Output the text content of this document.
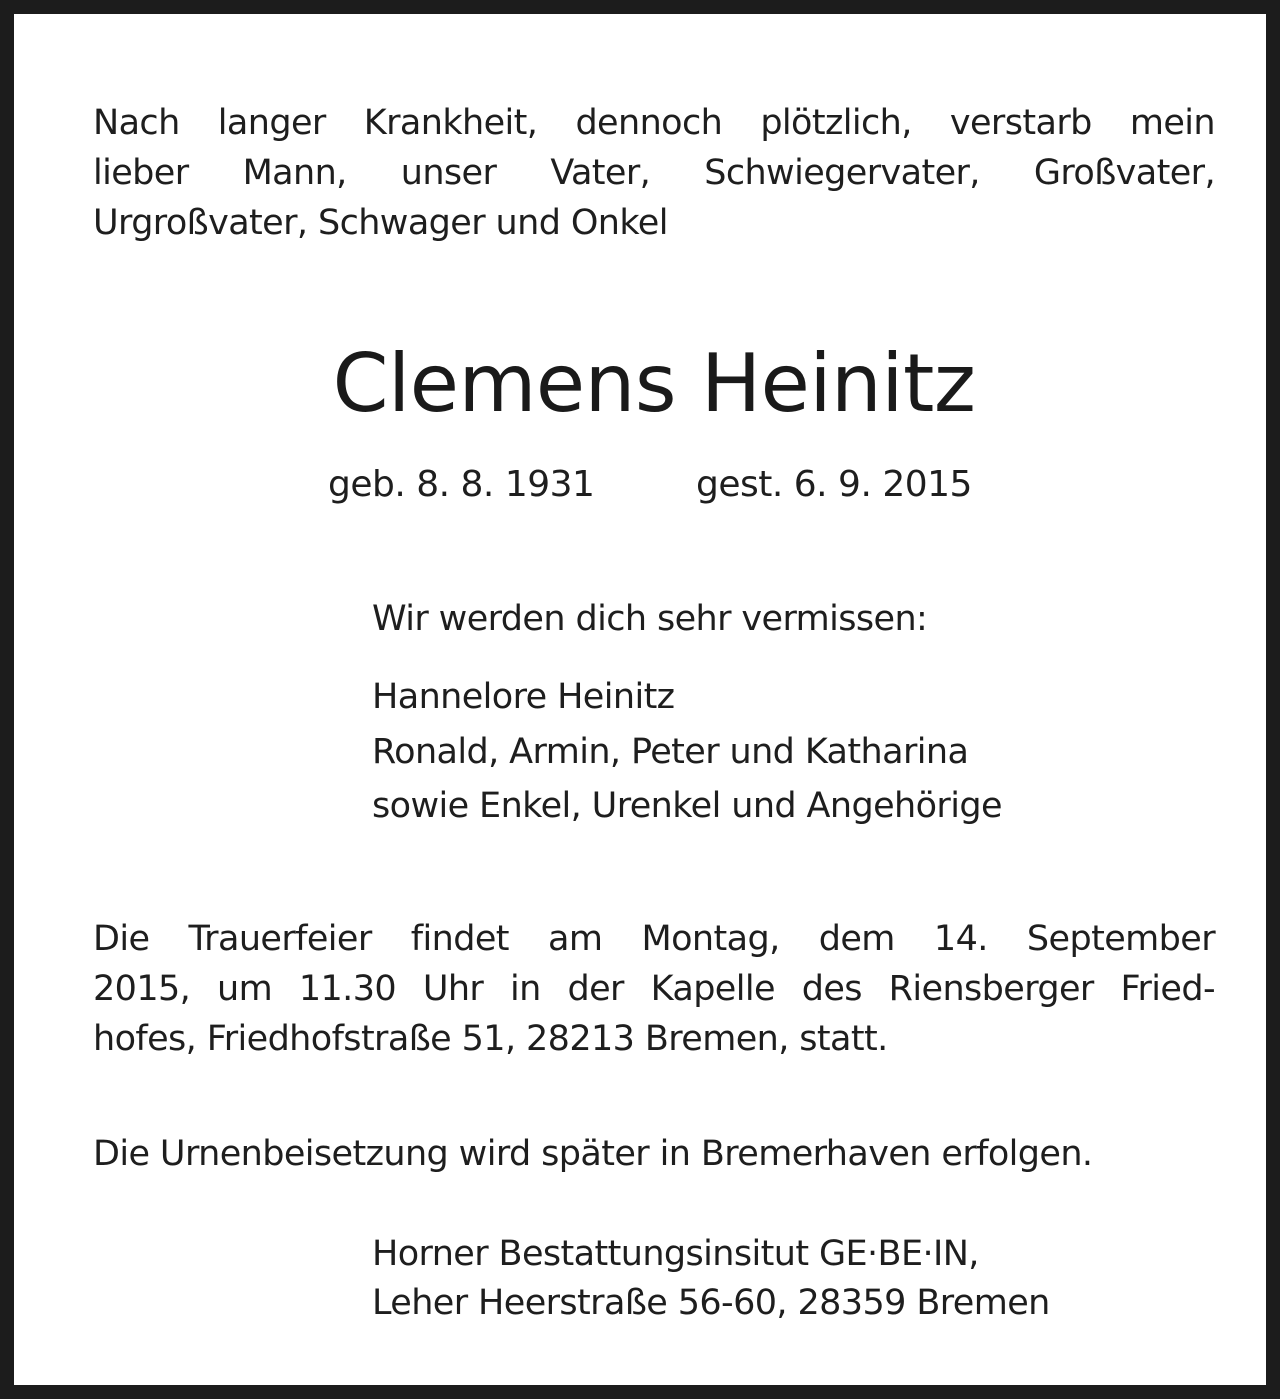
Nach langer Krankheit, dennoch plötzlich, verstarb mein
lieber Mann, unser Vater, Schwiegervater, Großvater,
Urgroßvater, Schwager und Onkel
Clemens Heinitz
geb. 8. 8. 1931	gest. 6. 9. 2015
Wir werden dich sehr vermissen:
Hannelore Heinitz
Ronald, Armin, Peter und Katharina
sowie Enkel, Urenkel und Angehörige
Die Trauerfeier findet am Montag, dem 14. September
2015, um 11.30 Uhr in der Kapelle des Riensberger Fried-
hofes, Friedhofstraße 51, 28213 Bremen, statt.
Die Urnenbeisetzung wird später in Bremerhaven erfolgen.
Horner Bestattungsinsitut GE·BE·IN,
Leher Heerstraße 56-60, 28359 Bremen
